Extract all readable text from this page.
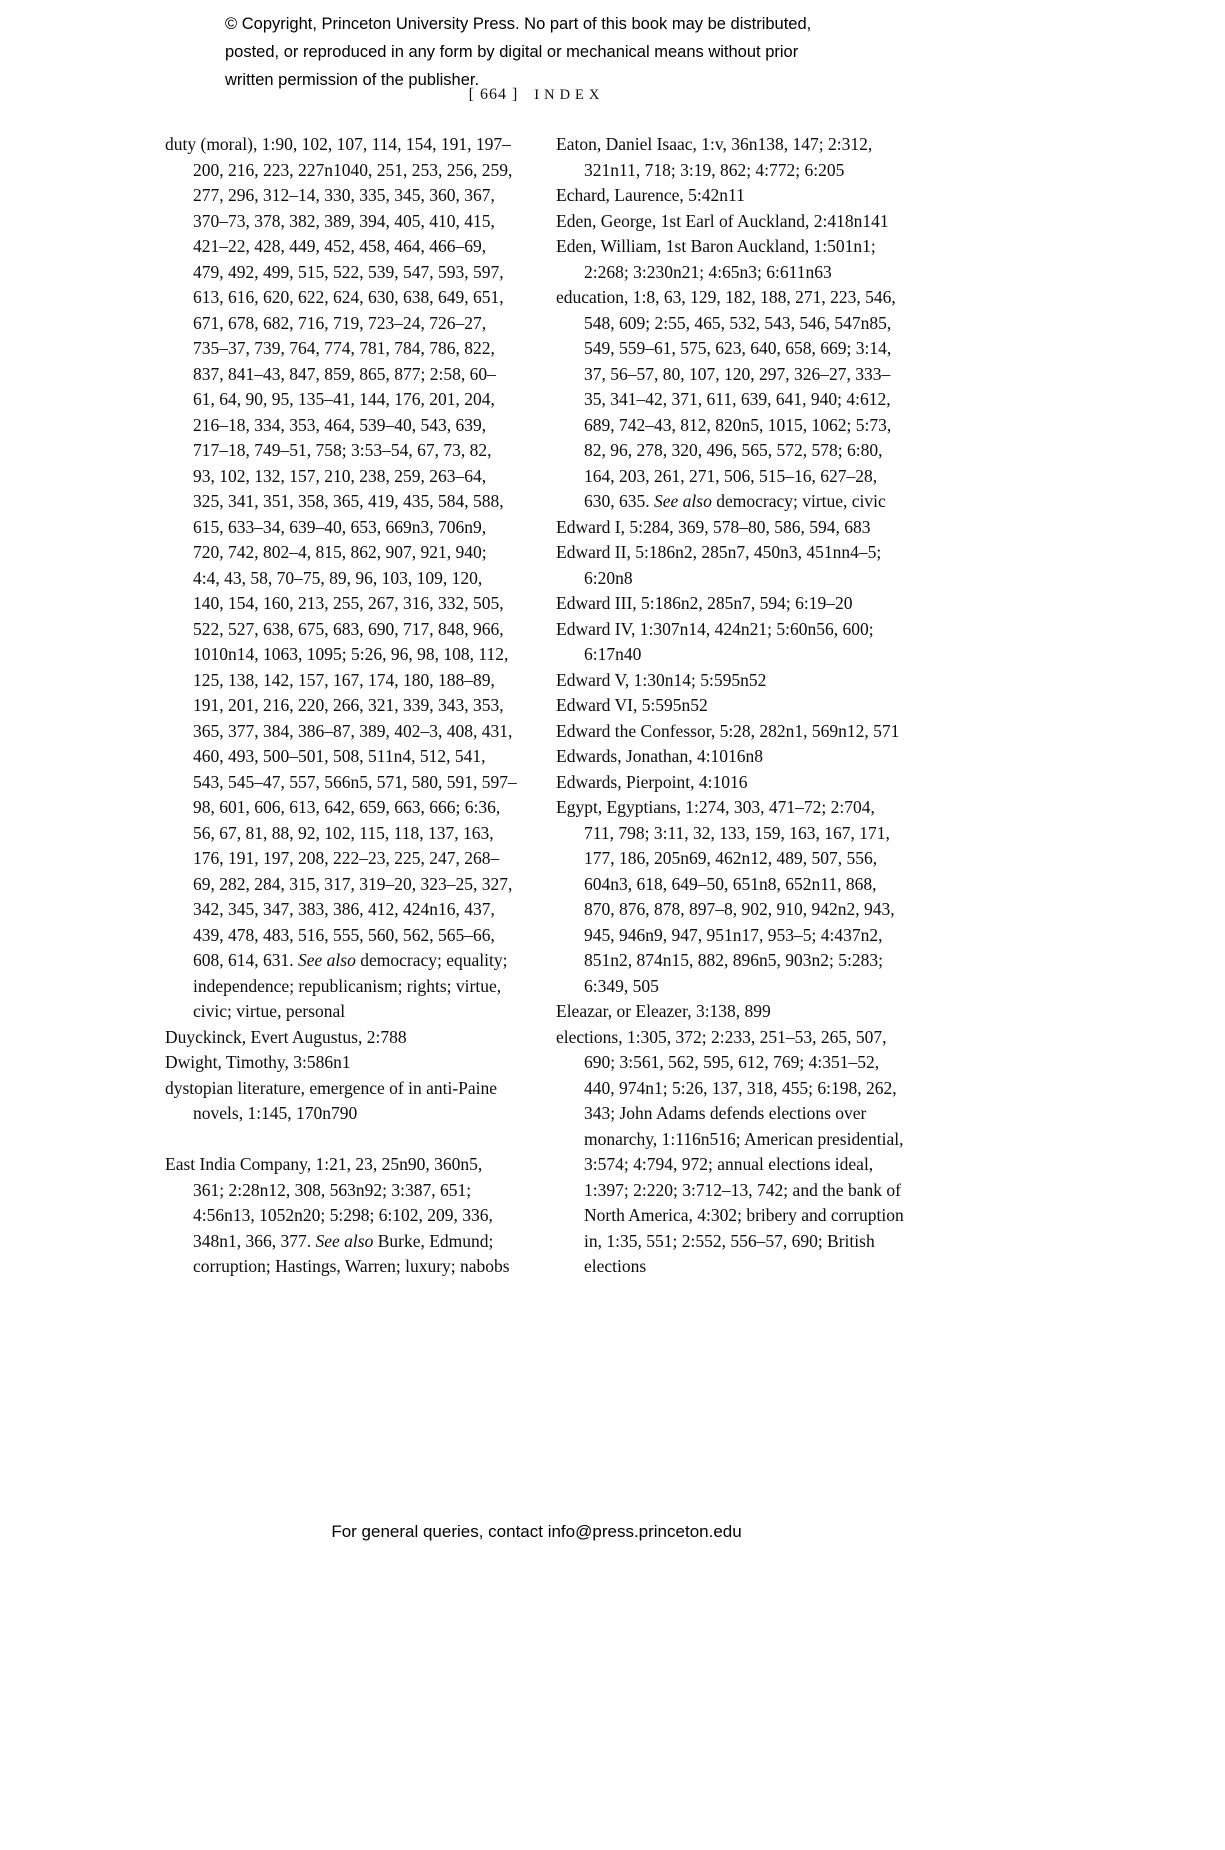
© Copyright, Princeton University Press. No part of this book may be distributed, posted, or reproduced in any form by digital or mechanical means without prior written permission of the publisher.

[ 664 ] INDEX

duty (moral), 1:90, 102, 107, 114, 154, 191, 197–200, 216, 223, 227n1040, 251, 253, 256, 259, 277, 296, 312–14, 330, 335, 345, 360, 367, 370–73, 378, 382, 389, 394, 405, 410, 415, 421–22, 428, 449, 452, 458, 464, 466–69, 479, 492, 499, 515, 522, 539, 547, 593, 597, 613, 616, 620, 622, 624, 630, 638, 649, 651, 671, 678, 682, 716, 719, 723–24, 726–27, 735–37, 739, 764, 774, 781, 784, 786, 822, 837, 841–43, 847, 859, 865, 877; 2:58, 60–61, 64, 90, 95, 135–41, 144, 176, 201, 204, 216–18, 334, 353, 464, 539–40, 543, 639, 717–18, 749–51, 758; 3:53–54, 67, 73, 82, 93, 102, 132, 157, 210, 238, 259, 263–64, 325, 341, 351, 358, 365, 419, 435, 584, 588, 615, 633–34, 639–40, 653, 669n3, 706n9, 720, 742, 802–4, 815, 862, 907, 921, 940; 4:4, 43, 58, 70–75, 89, 96, 103, 109, 120, 140, 154, 160, 213, 255, 267, 316, 332, 505, 522, 527, 638, 675, 683, 690, 717, 848, 966, 1010n14, 1063, 1095; 5:26, 96, 98, 108, 112, 125, 138, 142, 157, 167, 174, 180, 188–89, 191, 201, 216, 220, 266, 321, 339, 343, 353, 365, 377, 384, 386–87, 389, 402–3, 408, 431, 460, 493, 500–501, 508, 511n4, 512, 541, 543, 545–47, 557, 566n5, 571, 580, 591, 597–98, 601, 606, 613, 642, 659, 663, 666; 6:36, 56, 67, 81, 88, 92, 102, 115, 118, 137, 163, 176, 191, 197, 208, 222–23, 225, 247, 268–69, 282, 284, 315, 317, 319–20, 323–25, 327, 342, 345, 347, 383, 386, 412, 424n16, 437, 439, 478, 483, 516, 555, 560, 562, 565–66, 608, 614, 631. See also democracy; equality; independence; republicanism; rights; virtue, civic; virtue, personal

Duyckinck, Evert Augustus, 2:788

Dwight, Timothy, 3:586n1

dystopian literature, emergence of in anti-Paine novels, 1:145, 170n790

East India Company, 1:21, 23, 25n90, 360n5, 361; 2:28n12, 308, 563n92; 3:387, 651; 4:56n13, 1052n20; 5:298; 6:102, 209, 336, 348n1, 366, 377. See also Burke, Edmund; corruption; Hastings, Warren; luxury; nabobs

Eaton, Daniel Isaac, 1:v, 36n138, 147; 2:312, 321n11, 718; 3:19, 862; 4:772; 6:205

Echard, Laurence, 5:42n11

Eden, George, 1st Earl of Auckland, 2:418n141

Eden, William, 1st Baron Auckland, 1:501n1; 2:268; 3:230n21; 4:65n3; 6:611n63

education, 1:8, 63, 129, 182, 188, 271, 223, 546, 548, 609; 2:55, 465, 532, 543, 546, 547n85, 549, 559–61, 575, 623, 640, 658, 669; 3:14, 37, 56–57, 80, 107, 120, 297, 326–27, 333–35, 341–42, 371, 611, 639, 641, 940; 4:612, 689, 742–43, 812, 820n5, 1015, 1062; 5:73, 82, 96, 278, 320, 496, 565, 572, 578; 6:80, 164, 203, 261, 271, 506, 515–16, 627–28, 630, 635. See also democracy; virtue, civic

Edward I, 5:284, 369, 578–80, 586, 594, 683

Edward II, 5:186n2, 285n7, 450n3, 451nn4–5; 6:20n8

Edward III, 5:186n2, 285n7, 594; 6:19–20

Edward IV, 1:307n14, 424n21; 5:60n56, 600; 6:17n40

Edward V, 1:30n14; 5:595n52

Edward VI, 5:595n52

Edward the Confessor, 5:28, 282n1, 569n12, 571

Edwards, Jonathan, 4:1016n8

Edwards, Pierpoint, 4:1016

Egypt, Egyptians, 1:274, 303, 471–72; 2:704, 711, 798; 3:11, 32, 133, 159, 163, 167, 171, 177, 186, 205n69, 462n12, 489, 507, 556, 604n3, 618, 649–50, 651n8, 652n11, 868, 870, 876, 878, 897–8, 902, 910, 942n2, 943, 945, 946n9, 947, 951n17, 953–5; 4:437n2, 851n2, 874n15, 882, 896n5, 903n2; 5:283; 6:349, 505

Eleazar, or Eleazer, 3:138, 899

elections, 1:305, 372; 2:233, 251–53, 265, 507, 690; 3:561, 562, 595, 612, 769; 4:351–52, 440, 974n1; 5:26, 137, 318, 455; 6:198, 262, 343; John Adams defends elections over monarchy, 1:116n516; American presidential, 3:574; 4:794, 972; annual elections ideal, 1:397; 2:220; 3:712–13, 742; and the bank of North America, 4:302; bribery and corruption in, 1:35, 551; 2:552, 556–57, 690; British elections

For general queries, contact info@press.princeton.edu
